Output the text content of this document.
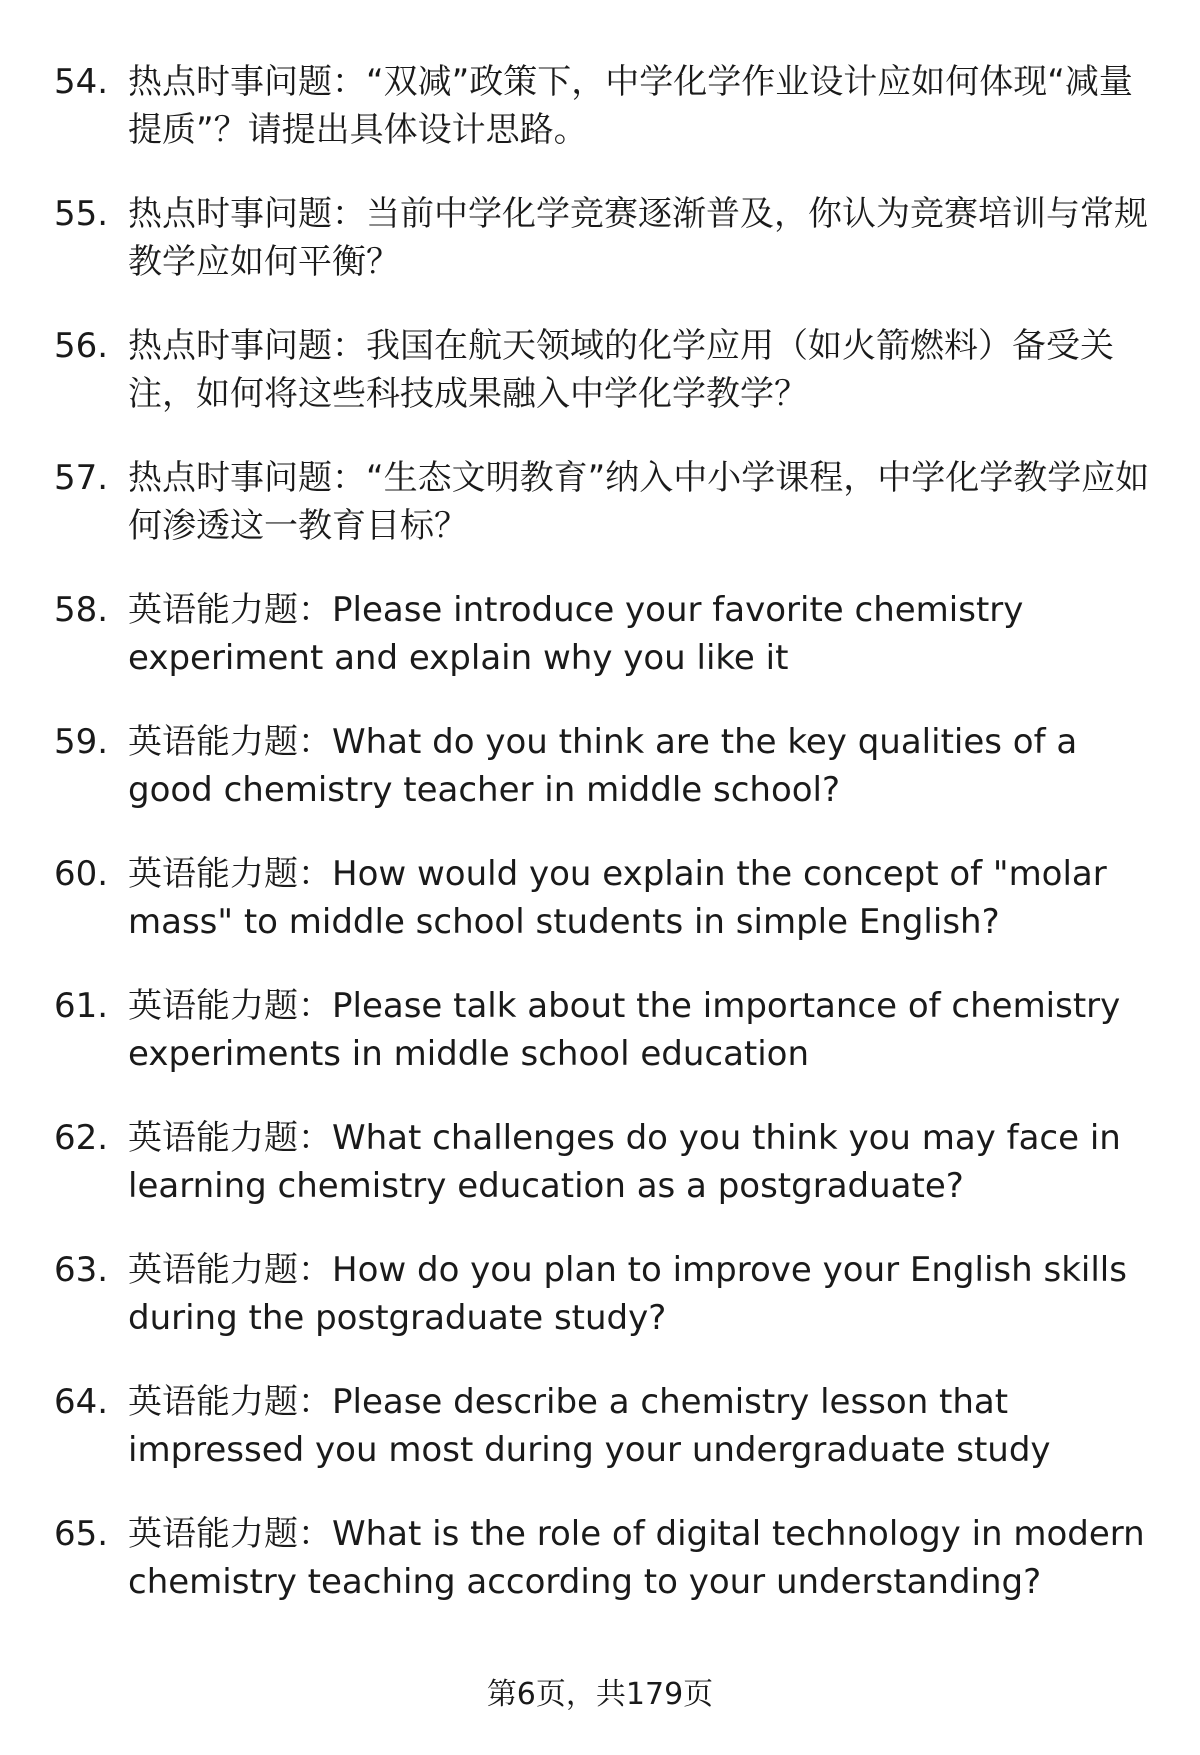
54. 热点时事问题：“双减”政策下，中学化学作业设计应如何体现“减量提质”？请提出具体设计思路。
55. 热点时事问题：当前中学化学竞赛逐渐普及，你认为竞赛培训与常规教学应如何平衡？
56. 热点时事问题：我国在航天领域的化学应用（如火箭燃料）备受关注，如何将这些科技成果融入中学化学教学？
57. 热点时事问题：“生态文明教育”纳入中小学课程，中学化学教学应如何渗透这一教育目标？
58. 英语能力题：Please introduce your favorite chemistry experiment and explain why you like it
59. 英语能力题：What do you think are the key qualities of a good chemistry teacher in middle school?
60. 英语能力题：How would you explain the concept of "molar mass" to middle school students in simple English?
61. 英语能力题：Please talk about the importance of chemistry experiments in middle school education
62. 英语能力题：What challenges do you think you may face in learning chemistry education as a postgraduate?
63. 英语能力题：How do you plan to improve your English skills during the postgraduate study?
64. 英语能力题：Please describe a chemistry lesson that impressed you most during your undergraduate study
65. 英语能力题：What is the role of digital technology in modern chemistry teaching according to your understanding?
第6页，共179页
